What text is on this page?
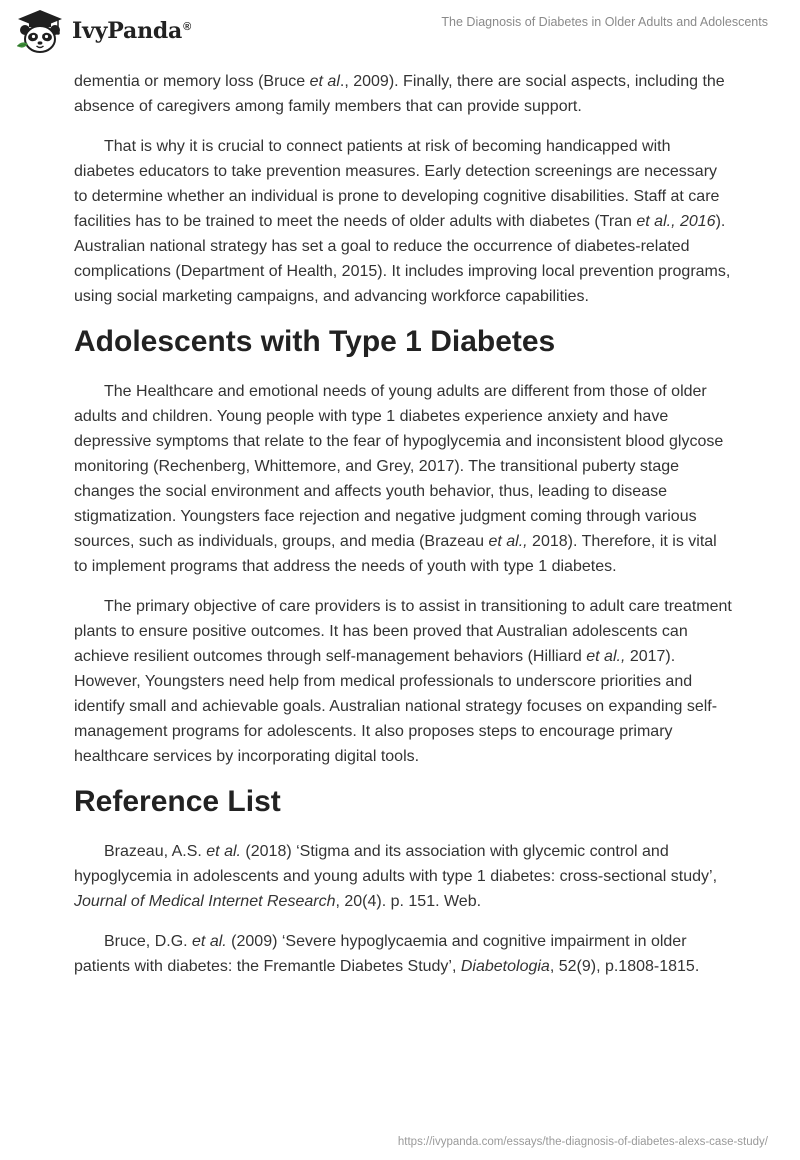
IvyPanda®	The Diagnosis of Diabetes in Older Adults and Adolescents

dementia or memory loss (Bruce et al., 2009). Finally, there are social aspects, including the absence of caregivers among family members that can provide support.

That is why it is crucial to connect patients at risk of becoming handicapped with diabetes educators to take prevention measures. Early detection screenings are necessary to determine whether an individual is prone to developing cognitive disabilities. Staff at care facilities has to be trained to meet the needs of older adults with diabetes (Tran et al., 2016). Australian national strategy has set a goal to reduce the occurrence of diabetes-related complications (Department of Health, 2015). It includes improving local prevention programs, using social marketing campaigns, and advancing workforce capabilities.

Adolescents with Type 1 Diabetes

The Healthcare and emotional needs of young adults are different from those of older adults and children. Young people with type 1 diabetes experience anxiety and have depressive symptoms that relate to the fear of hypoglycemia and inconsistent blood glycose monitoring (Rechenberg, Whittemore, and Grey, 2017). The transitional puberty stage changes the social environment and affects youth behavior, thus, leading to disease stigmatization. Youngsters face rejection and negative judgment coming through various sources, such as individuals, groups, and media (Brazeau et al., 2018). Therefore, it is vital to implement programs that address the needs of youth with type 1 diabetes.

The primary objective of care providers is to assist in transitioning to adult care treatment plants to ensure positive outcomes. It has been proved that Australian adolescents can achieve resilient outcomes through self-management behaviors (Hilliard et al., 2017). However, Youngsters need help from medical professionals to underscore priorities and identify small and achievable goals. Australian national strategy focuses on expanding self-management programs for adolescents. It also proposes steps to encourage primary healthcare services by incorporating digital tools.

Reference List

Brazeau, A.S. et al. (2018) ‘Stigma and its association with glycemic control and hypoglycemia in adolescents and young adults with type 1 diabetes: cross-sectional study’, Journal of Medical Internet Research, 20(4). p. 151. Web.

Bruce, D.G. et al. (2009) ‘Severe hypoglycaemia and cognitive impairment in older patients with diabetes: the Fremantle Diabetes Study’, Diabetologia, 52(9), p.1808-1815.

https://ivypanda.com/essays/the-diagnosis-of-diabetes-alexs-case-study/
